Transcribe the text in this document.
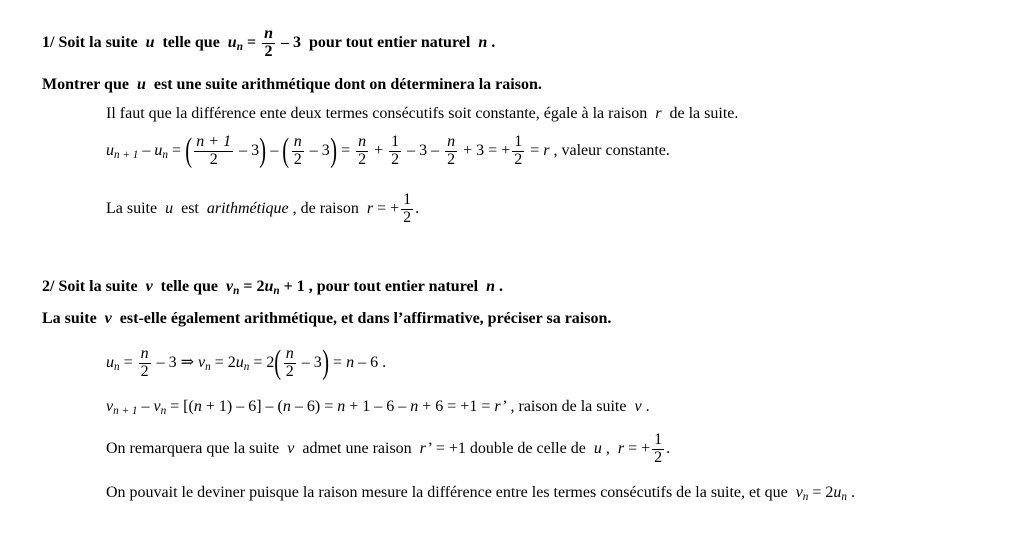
1/ Soit la suite u telle que $u_n = \frac{n}{2} - 3$ pour tout entier naturel n .
Montrer que u est une suite arithmétique dont on déterminera la raison.
Il faut que la différence ente deux termes consécutifs soit constante, égale à la raison r de la suite.
$u_{n + 1} - u_n$ = ( $\frac{n + 1}{2} - 3$) – ( $\frac{n}{2} - 3) = \frac{n}{2} + \frac{1}{2} - 3 - \frac{n}{2} + 3$ = + $\frac{1}{2} = r$ , valeur constante.
La suite u est arithmétique , de raison r = + $\frac{1}{2}$ .
2/ Soit la suite v telle que $v_n = 2u_n + 1$ , pour tout entier naturel n .
La suite v est-elle également arithmétique, et dans l’affirmative, préciser sa raison.
$u_n = \frac{n}{2} - 3$ ⇒ $v_n = 2u_n = 2( \frac{n}{2} - 3) = n - 6$ .
$v_{n + 1} - v_n = [(n + 1) - 6] - (n - 6) = n + 1 - 6 - n + 6 = +1 = r$’ , raison de la suite v .
On remarquera que la suite v admet une raison r’ = +1 double de celle de u , r = + $\frac{1}{2}$ .
On pouvait le deviner puisque la raison mesure la différence entre les termes consécutifs de la suite, et que $v_n = 2u_n$ .
